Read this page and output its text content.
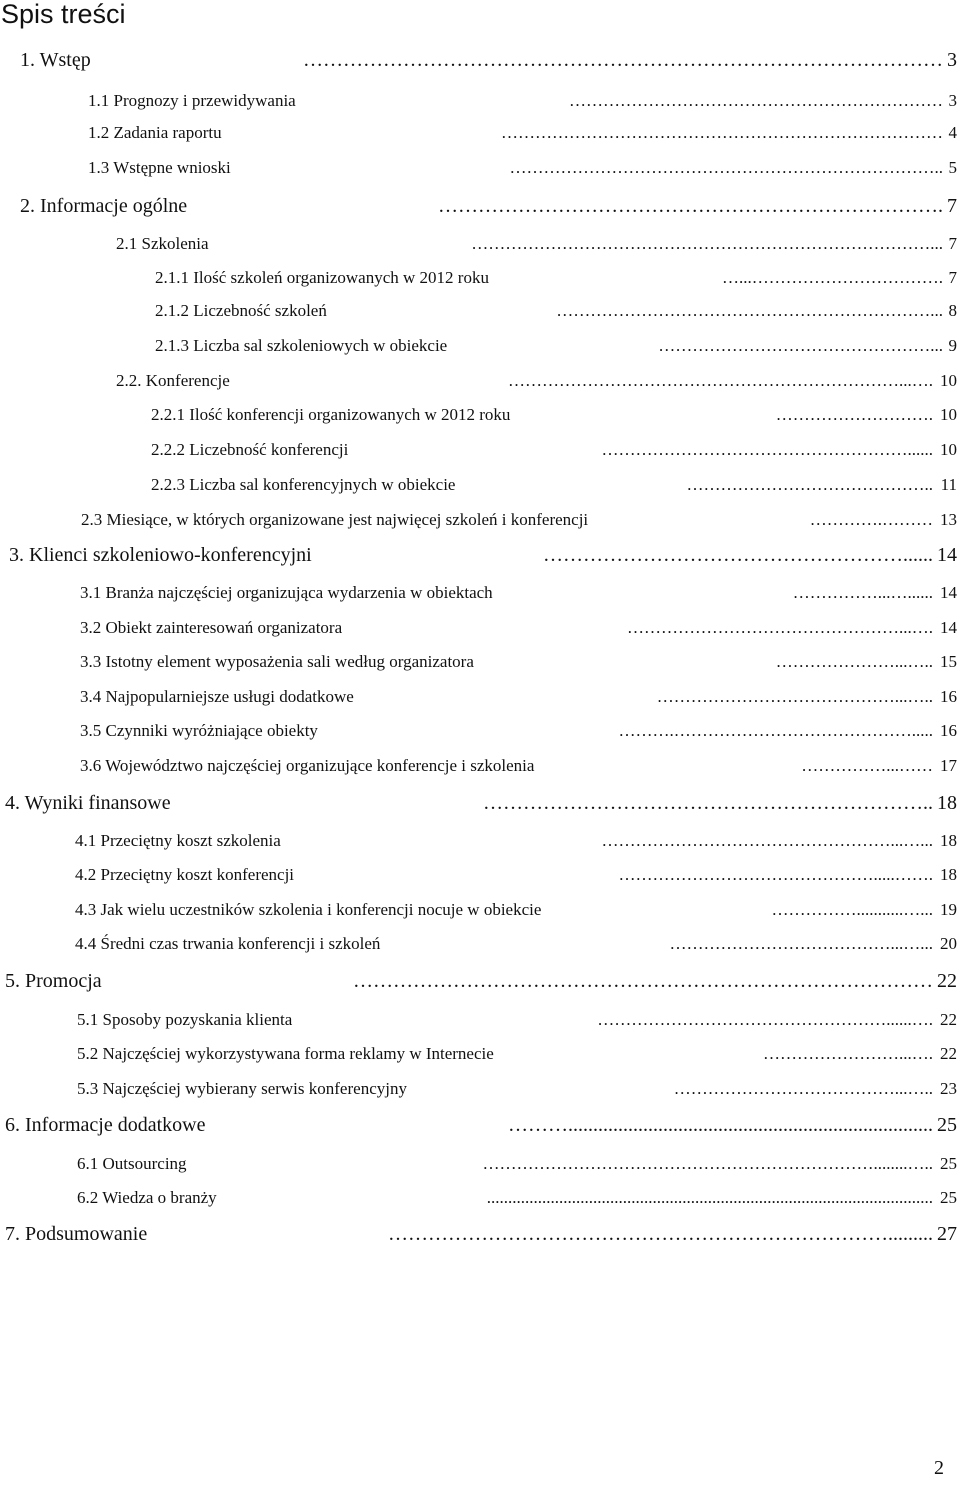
Spis treści
1. Wstęp	…………………………………………………………………………………… 3
1.1 Prognozy i przewidywania	………………………………………………………… 3
1.2 Zadania raportu	…………………………………………………………………… 4
1.3 Wstępne wnioski	………………………………………………………………….. 5
2. Informacje ogólne	…………………………………………………………………. 7
2.1 Szkolenia	………………………………………………………………………... 7
2.1.1 Ilość szkoleń organizowanych w 2012 roku	…...……………………………. 7
2.1.2 Liczebność szkoleń	…………………………………………………………... 8
2.1.3 Liczba sal szkoleniowych w obiekcie	…………………………………………... 9
2.2. Konferencje	……………………………………………………………...…. 10
2.2.1 Ilość konferencji organizowanych w 2012 roku	………………………. 10
2.2.2 Liczebność konferencji	………………………………………………...... 10
2.2.3 Liczba sal konferencyjnych w obiekcie	…………………………………….. 11
2.3 Miesiące, w których organizowane jest najwięcej szkoleń i konferencji	………….……… 13
3. Klienci szkoleniowo-konferencyjni	………………………………………………...... 14
3.1 Branża najczęściej organizująca wydarzenia w obiektach	……………...…...... 14
3.2 Obiekt zainteresowań organizatora	…………………………………………...…. 14
3.3 Istotny element wyposażenia sali według organizatora	…………………...….. 15
3.4 Najpopularniejsze usługi dodatkowe	……………………………………...….. 16
3.5 Czynniki wyróżniające obiekty	……….……………………………………..... 16
3.6 Województwo najczęściej organizujące konferencje i szkolenia	……………...…… 17
4. Wyniki finansowe	………………………………………………………….. 18
4.1 Przeciętny koszt szkolenia	……………………………………………...…... 18
4.2 Przeciętny koszt konferencji	……………………………………….....……. 18
4.3 Jak wielu uczestników szkolenia i konferencji nocuje w obiekcie	……………...........…... 19
4.4 Średni czas trwania konferencji i szkoleń	…………………………………...…... 20
5. Promocja	…………………………………………………………………………… 22
5.1 Sposoby pozyskania klienta	……………………………………………......…. 22
5.2 Najczęściej wykorzystywana forma reklamy w Internecie	……………………...…. 22
5.3 Najczęściej wybierany serwis konferencyjny	…………………………………...….. 23
6. Informacje dodatkowe	………......................................................................... 25
6.1 Outsourcing	……………………………………………………………........….. 25
6.2 Wiedza o branży	......................................................................................................... 25
7. Podsumowanie	…………………………………………………………………......... 27
2
